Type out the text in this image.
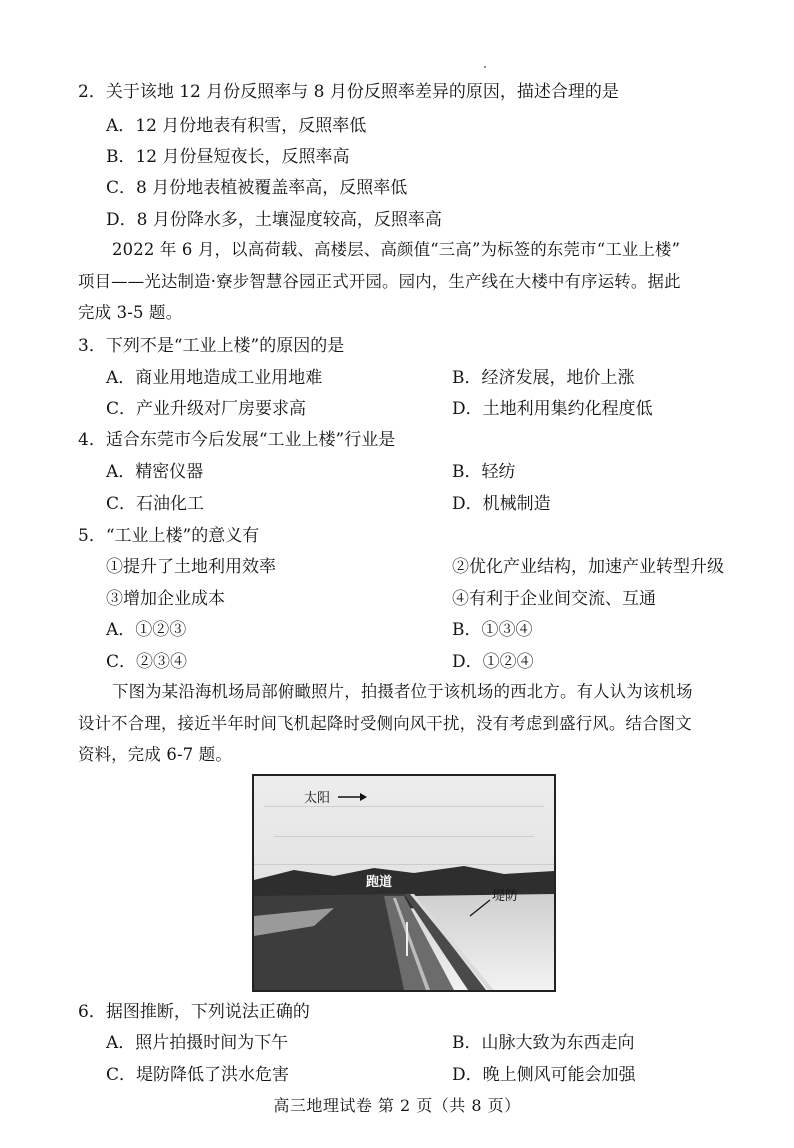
2．关于该地 12 月份反照率与 8 月份反照率差异的原因，描述合理的是
A．12 月份地表有积雪，反照率低
B．12 月份昼短夜长，反照率高
C．8 月份地表植被覆盖率高，反照率低
D．8 月份降水多，土壤湿度较高，反照率高
2022 年 6 月，以高荷载、高楼层、高颜值“三高”为标签的东莞市“工业上楼”
项目——光达制造·寮步智慧谷园正式开园。园内，生产线在大楼中有序运转。据此
完成 3-5 题。
3．下列不是“工业上楼”的原因的是
A．商业用地造成工业用地难	B．经济发展，地价上涨
C．产业升级对厂房要求高	D．土地利用集约化程度低
4．适合东莞市今后发展“工业上楼”行业是
A．精密仪器	B．轻纺
C．石油化工	D．机械制造
5．“工业上楼”的意义有
①提升了土地利用效率	②优化产业结构，加速产业转型升级
③增加企业成本	④有利于企业间交流、互通
A．①②③	B．①③④
C．②③④	D．①②④
下图为某沿海机场局部俯瞰照片，拍摄者位于该机场的西北方。有人认为该机场
设计不合理，接近半年时间飞机起降时受侧向风干扰，没有考虑到盛行风。结合图文
资料，完成 6-7 题。
太阳
跑道
堤防
6．据图推断，下列说法正确的
A．照片拍摄时间为下午	B．山脉大致为东西走向
C．堤防降低了洪水危害	D．晚上侧风可能会加强
高三地理试卷 第 2 页（共 8 页）
